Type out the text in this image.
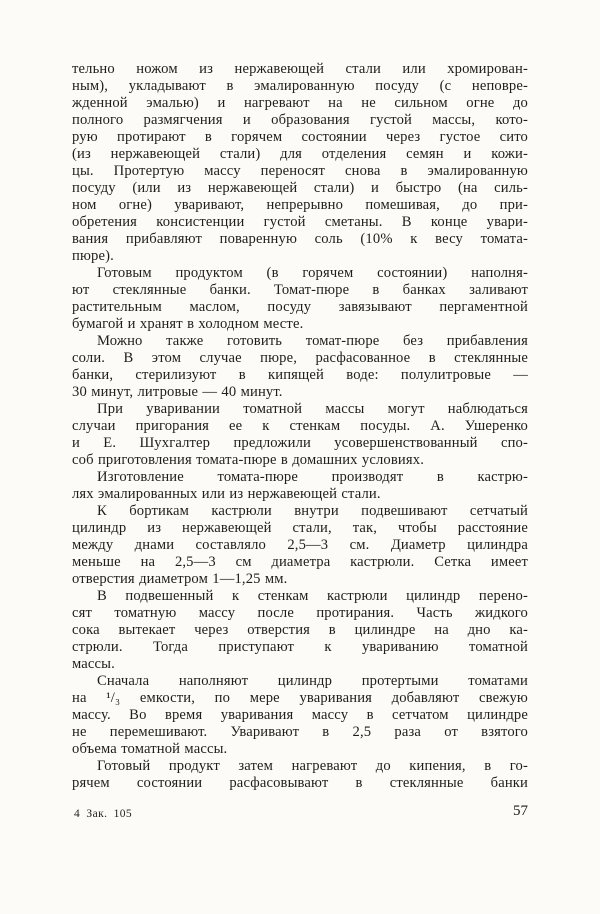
тельно ножом из нержавеющей стали или хромирован-
ным), укладывают в эмалированную посуду (с неповре-
жденной эмалью) и нагревают на не сильном огне до
полного размягчения и образования густой массы, кото-
рую протирают в горячем состоянии через густое сито
(из нержавеющей стали) для отделения семян и кожи-
цы. Протертую массу переносят снова в эмалированную
посуду (или из нержавеющей стали) и быстро (на силь-
ном огне) уваривают, непрерывно помешивая, до при-
обретения консистенции густой сметаны. В конце увари-
вания прибавляют поваренную соль (10% к весу томата-
пюре).
Готовым продуктом (в горячем состоянии) наполня-
ют стеклянные банки. Томат-пюре в банках заливают
растительным маслом, посуду завязывают пергаментной
бумагой и хранят в холодном месте.
Можно также готовить томат-пюре без прибавления
соли. В этом случае пюре, расфасованное в стеклянные
банки, стерилизуют в кипящей воде: полулитровые —
30 минут, литровые — 40 минут.
При уваривании томатной массы могут наблюдаться
случаи пригорания ее к стенкам посуды. А. Ушеренко
и Е. Шухгалтер предложили усовершенствованный спо-
соб приготовления томата-пюре в домашних условиях.
Изготовление томата-пюре производят в кастрю-
лях эмалированных или из нержавеющей стали.
К бортикам кастрюли внутри подвешивают сетчатый
цилиндр из нержавеющей стали, так, чтобы расстояние
между днами составляло 2,5—3 см. Диаметр цилиндра
меньше на 2,5—3 см диаметра кастрюли. Сетка имеет
отверстия диаметром 1—1,25 мм.
В подвешенный к стенкам кастрюли цилиндр перено-
сят томатную массу после протирания. Часть жидкого
сока вытекает через отверстия в цилиндре на дно ка-
стрюли. Тогда приступают к увариванию томатной
массы.
Сначала наполняют цилиндр протертыми томатами
на ¹/₃ емкости, по мере уваривания добавляют свежую
массу. Во время уваривания массу в сетчатом цилиндре
не перемешивают. Уваривают в 2,5 раза от взятого
объема томатной массы.
Готовый продукт затем нагревают до кипения, в го-
рячем состоянии расфасовывают в стеклянные банки
4 Зак. 105	57
